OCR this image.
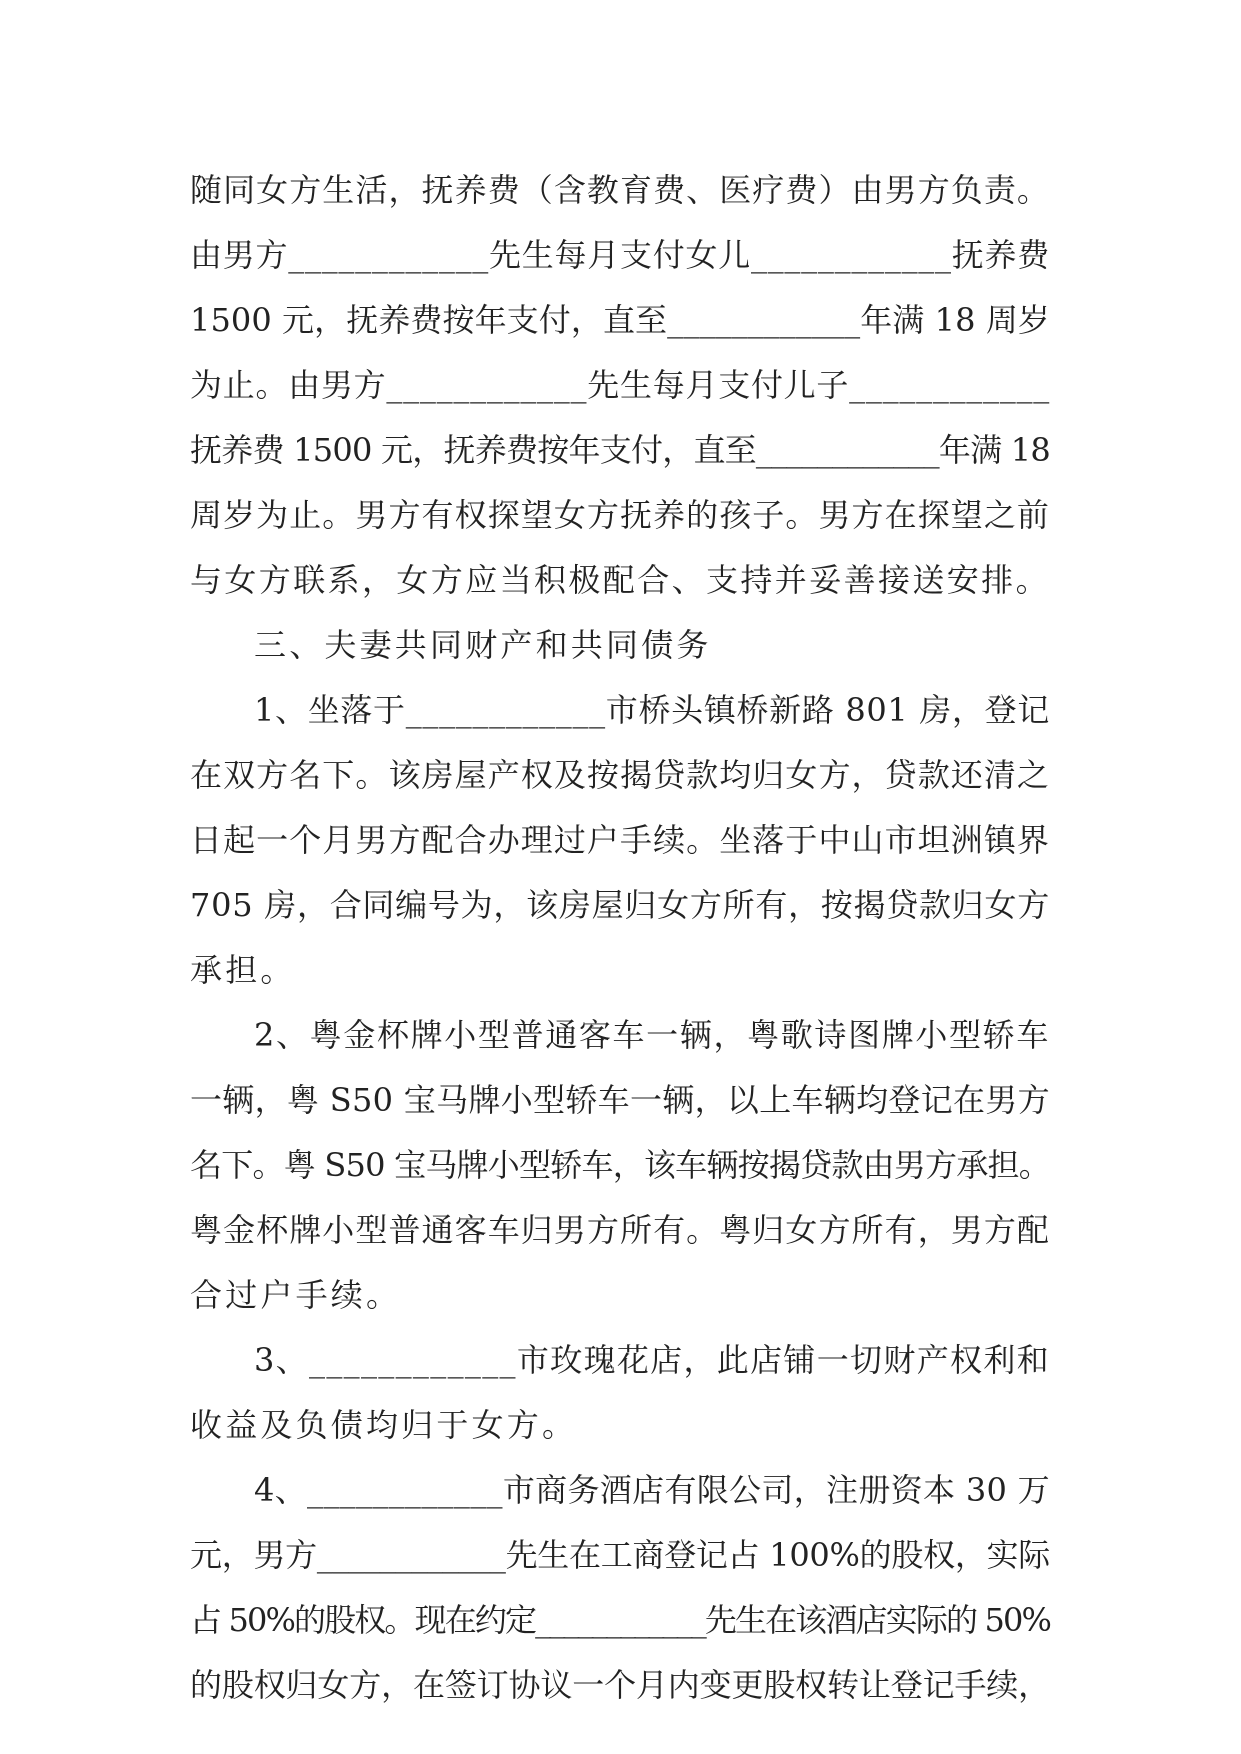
随同女方生活，抚养费（含教育费、医疗费）由男方负责。
由男方____________先生每月支付女儿____________抚养费
1500 元，抚养费按年支付，直至____________年满 18 周岁
为止。由男方____________先生每月支付儿子____________
抚养费 1500 元，抚养费按年支付，直至____________年满 18
周岁为止。男方有权探望女方抚养的孩子。男方在探望之前
与女方联系，女方应当积极配合、支持并妥善接送安排。
三、夫妻共同财产和共同债务
1、坐落于____________市桥头镇桥新路 801 房，登记
在双方名下。该房屋产权及按揭贷款均归女方，贷款还清之
日起一个月男方配合办理过户手续。坐落于中山市坦洲镇界
705 房，合同编号为，该房屋归女方所有，按揭贷款归女方
承担。
2、粤金杯牌小型普通客车一辆，粤歌诗图牌小型轿车
一辆，粤 S50 宝马牌小型轿车一辆，以上车辆均登记在男方
名下。粤 S50 宝马牌小型轿车，该车辆按揭贷款由男方承担。
粤金杯牌小型普通客车归男方所有。粤归女方所有，男方配
合过户手续。
3、____________市玫瑰花店，此店铺一切财产权利和
收益及负债均归于女方。
4、____________市商务酒店有限公司，注册资本 30 万
元，男方____________先生在工商登记占 100%的股权，实际
占 50%的股权。现在约定____________先生在该酒店实际的 50%
的股权归女方，在签订协议一个月内变更股权转让登记手续，
